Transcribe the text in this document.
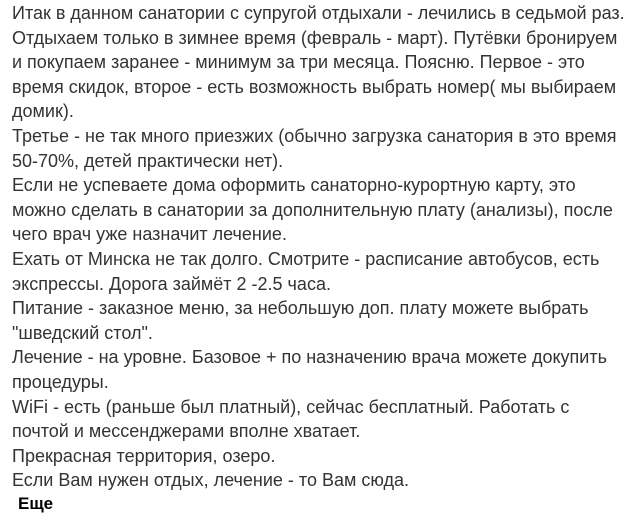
Итак в данном санатории с супругой отдыхали - лечились в седьмой раз. Отдыхаем только в зимнее время (февраль - март). Путёвки бронируем и покупаем заранее - минимум за три месяца. Поясню. Первое - это время скидок, второе - есть возможность выбрать номер( мы выбираем домик).

Третье - не так много приезжих (обычно загрузка санатория в это время 50-70%, детей практически нет).

Если не успеваете дома оформить санаторно-курортную карту, это можно сделать в санатории за дополнительную плату (анализы), после чего врач уже назначит лечение.

Ехать от Минска не так долго. Смотрите - расписание автобусов, есть экспрессы. Дорога займёт 2 -2.5 часа.

Питание - заказное меню, за небольшую доп. плату можете выбрать "шведский стол".

Лечение - на уровне. Базовое + по назначению врача можете докупить процедуры.

WiFi - есть (раньше был платный), сейчас бесплатный. Работать с почтой и мессенджерами вполне хватает.

Прекрасная территория, озеро.

Если Вам нужен отдых, лечение - то Вам сюда.

Еще
